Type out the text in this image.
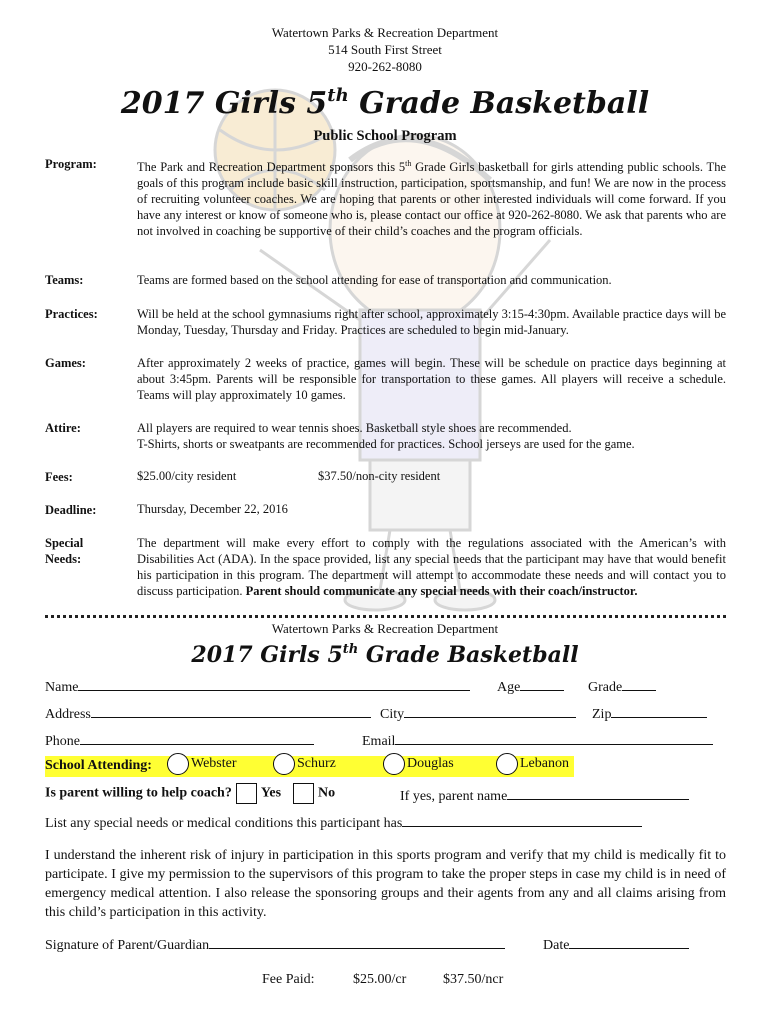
Watertown Parks & Recreation Department
514 South First Street
920-262-8080
2017 Girls 5th Grade Basketball
Public School Program
Program:	The Park and Recreation Department sponsors this 5th Grade Girls basketball for girls attending public schools. The goals of this program include basic skill instruction, participation, sportsmanship, and fun! We are now in the process of recruiting volunteer coaches. We are hoping that parents or other interested individuals will come forward. If you have any interest or know of someone who is, please contact our office at 920-262-8080. We ask that parents who are not involved in coaching be supportive of their child’s coaches and the program officials.

Teams:	Teams are formed based on the school attending for ease of transportation and communication.
Practices:	Will be held at the school gymnasiums right after school, approximately 3:15-4:30pm. Available practice days will be Monday, Tuesday, Thursday and Friday. Practices are scheduled to begin mid-January.
Games:	After approximately 2 weeks of practice, games will begin. These will be schedule on practice days beginning at about 3:45pm. Parents will be responsible for transportation to these games. All players will receive a schedule. Teams will play approximately 10 games.
Attire:	All players are required to wear tennis shoes. Basketball style shoes are recommended.
T-Shirts, shorts or sweatpants are recommended for practices. School jerseys are used for the game.
Fees:	$25.00/city resident	$37.50/non-city resident
Deadline:	Thursday, December 22, 2016
Special
Needs:
The department will make every effort to comply with the regulations associated with the American’s with Disabilities Act (ADA). In the space provided, list any special needs that the participant may have that would benefit his participation in this program. The department will attempt to accommodate these needs and will contact you to discuss participation. Parent should communicate any special needs with their coach/instructor.
Watertown Parks & Recreation Department
2017 Girls 5th Grade Basketball
Name	Age	Grade
Address	City	Zip
Phone	Email
School Attending:	Webster	Schurz	Douglas	Lebanon
Is parent willing to help coach? Yes	No	If yes, parent name
List any special needs or medical conditions this participant has
I understand the inherent risk of injury in participation in this sports program and verify that my child is medically fit to participate. I give my permission to the supervisors of this program to take the proper steps in case my child is in need of emergency medical attention. I also release the sponsoring groups and their agents from any and all claims arising from this child’s participation in this activity.
Signature of Parent/Guardian	Date
Fee Paid:	$25.00/cr	$37.50/ncr
